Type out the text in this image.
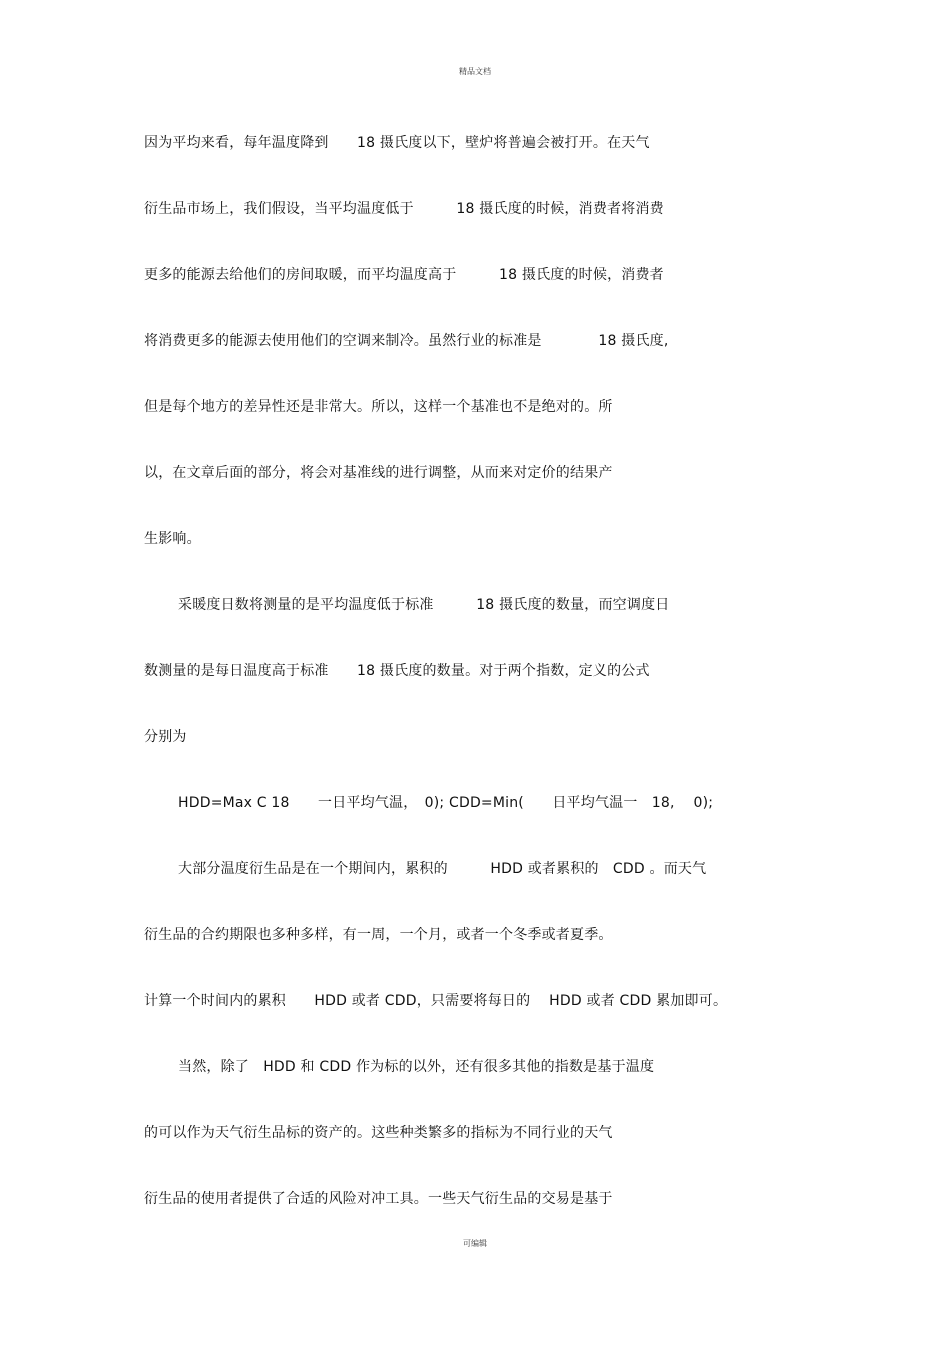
精品文档
因为平均来看，每年温度降到　　18 摄氏度以下，壁炉将普遍会被打开。在天气
衍生品市场上，我们假设，当平均温度低于　　　18 摄氏度的时候，消费者将消费
更多的能源去给他们的房间取暖，而平均温度高于　　　18 摄氏度的时候，消费者
将消费更多的能源去使用他们的空调来制冷。虽然行业的标准是　　　　18 摄氏度,
但是每个地方的差异性还是非常大。所以，这样一个基准也不是绝对的。所
以，在文章后面的部分，将会对基准线的进行调整，从而来对定价的结果产
生影响。
采暖度日数将测量的是平均温度低于标准　　　18 摄氏度的数量，而空调度日
数测量的是每日温度高于标准　　18 摄氏度的数量。对于两个指数，定义的公式
分别为
HDD=Max C 18　　一日平均气温，　0); CDD=Min(　　日平均气温一　18,　 0);
大部分温度衍生品是在一个期间内，累积的　　　HDD 或者累积的　CDD 。而天气
衍生品的合约期限也多种多样，有一周，一个月，或者一个冬季或者夏季。
计算一个时间内的累积　　HDD 或者 CDD，只需要将每日的　 HDD 或者 CDD 累加即可。
当然，除了　HDD 和 CDD 作为标的以外，还有很多其他的指数是基于温度
的可以作为天气衍生品标的资产的。这些种类繁多的指标为不同行业的天气
衍生品的使用者提供了合适的风险对冲工具。一些天气衍生品的交易是基于
可编辑
